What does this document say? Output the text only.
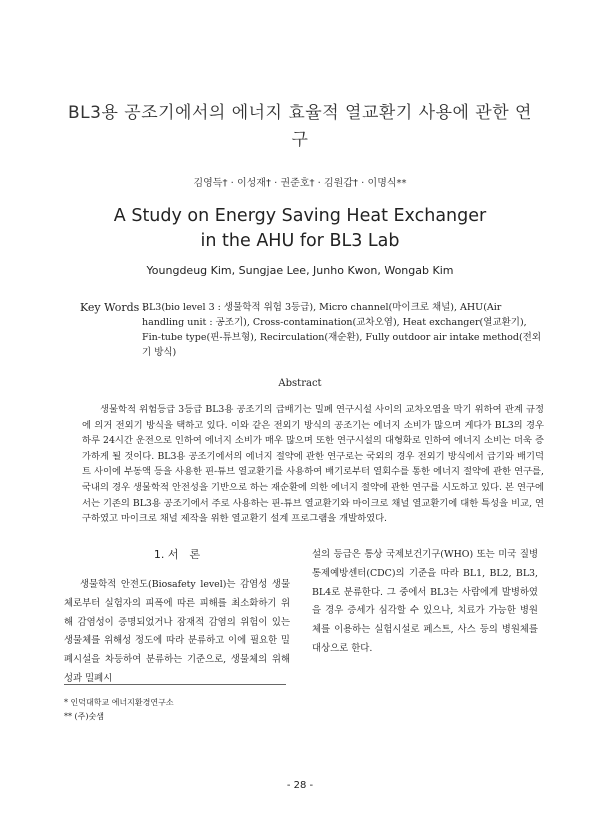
BL3용 공조기에서의 에너지 효율적 열교환기 사용에 관한 연구
김영득† · 이성재† · 권준호† · 김원갑† · 이명식**
A Study on Energy Saving Heat Exchanger
in the AHU for BL3 Lab
Youngdeug Kim, Sungjae Lee, Junho Kwon, Wongab Kim
Key Words :
BL3(bio level 3 : 생물학적 위험 3등급), Micro channel(마이크로 채널), AHU(Air handling unit : 공조기), Cross-contamination(교차오염), Heat exchanger(열교환기), Fin-tube type(핀-튜브형), Recirculation(재순환), Fully outdoor air intake method(전외기 방식)
Abstract
생물학적 위험등급 3등급 BL3용 공조기의 급배기는 밀폐 연구시설 사이의 교차오염을 막기 위하여 관계 규정에 의거 전외기 방식을 택하고 있다. 이와 같은 전외기 방식의 공조기는 에너지 소비가 많으며 게다가 BL3의 경우 하루 24시간 운전으로 인하여 에너지 소비가 매우 많으며 또한 연구시설의 대형화로 인하여 에너지 소비는 더욱 증가하게 될 것이다. BL3용 공조기에서의 에너지 절약에 관한 연구로는 국외의 경우 전외기 방식에서 급기와 배기덕트 사이에 부동액 등을 사용한 핀-튜브 열교환기를 사용하여 배기로부터 열회수를 통한 에너지 절약에 관한 연구를, 국내의 경우 생물학적 안전성을 기반으로 하는 재순환에 의한 에너지 절약에 관한 연구를 시도하고 있다. 본 연구에서는 기존의 BL3용 공조기에서 주로 사용하는 핀-튜브 열교환기와 마이크로 채널 열교환기에 대한 특성을 비교, 연구하였고 마이크로 채널 제작을 위한 열교환기 설계 프로그램을 개발하였다.
1. 서　론
생물학적 안전도(Biosafety level)는 감염성 생물체로부터 실험자의 피폭에 따른 피해를 최소화하기 위해 감염성이 증명되었거나 잠재적 감염의 위험이 있는 생물체를 위해성 정도에 따라 분류하고 이에 필요한 밀폐시설을 차등하여 분류하는 기준으로, 생물체의 위해성과 밀폐시
설의 등급은 통상 국제보건기구(WHO) 또는 미국 질병통제예방센터(CDC)의 기준을 따라 BL1, BL2, BL3, BL4로 분류한다. 그 중에서 BL3는 사람에게 발병하였을 경우 증세가 심각할 수 있으나, 치료가 가능한 병원체를 이용하는 실험시설로 페스트, 사스 등의 병원체를 대상으로 한다.
* 인덕대학교 에너지환경연구소
** (주)숫샘
- 28 -
